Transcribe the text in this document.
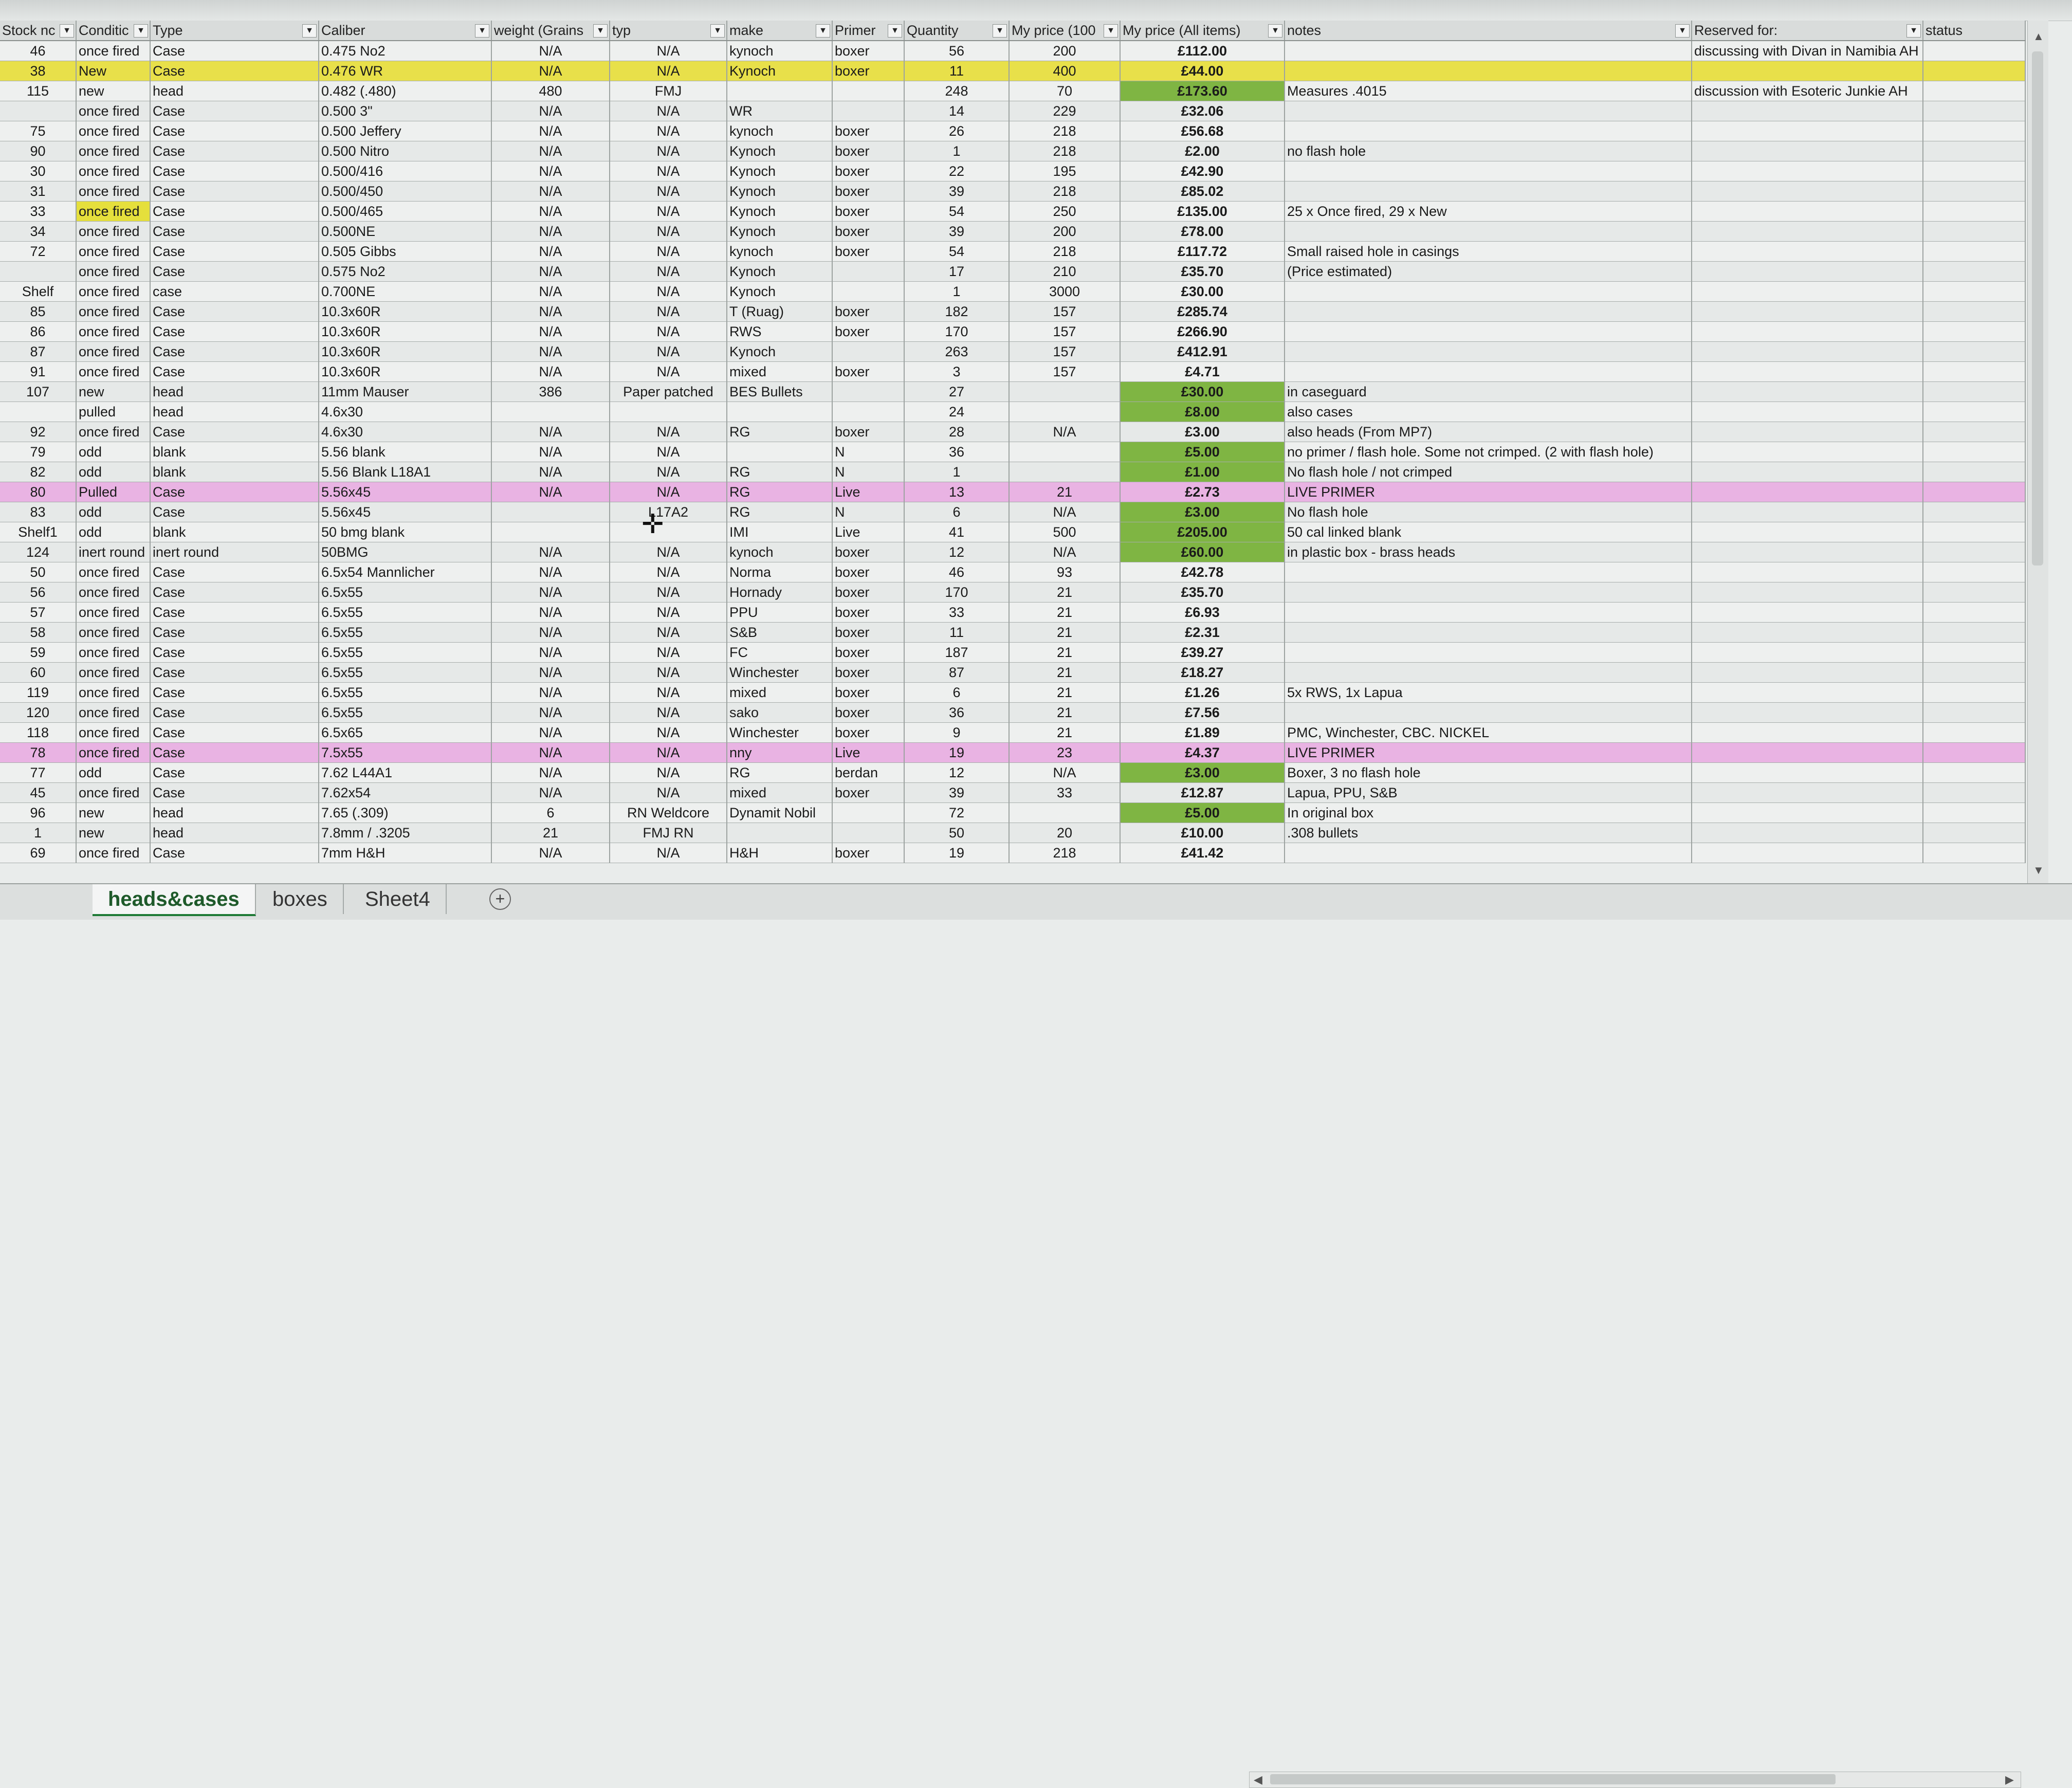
Stock nc ▼	Conditic ▼	Type ▼	Caliber ▼	weight (Grains ▼	typ ▼	make ▼	Primer ▼	Quantity ▼	My price (100 ▼	My price (All items) ▼	notes ▼	Reserved for: ▼	status
46	once fired	Case	0.475 No2	N/A	N/A	kynoch	boxer	56	200	£112.00		discussing with Divan in Namibia AH	
38	New	Case	0.476 WR	N/A	N/A	Kynoch	boxer	11	400	£44.00			
115	new	head	0.482 (.480)	480	FMJ			248	70	£173.60	Measures .4015	discussion with Esoteric Junkie AH	
	once fired	Case	0.500 3"	N/A	N/A	WR		14	229	£32.06			
75	once fired	Case	0.500 Jeffery	N/A	N/A	kynoch	boxer	26	218	£56.68			
90	once fired	Case	0.500 Nitro	N/A	N/A	Kynoch	boxer	1	218	£2.00	no flash hole		
30	once fired	Case	0.500/416	N/A	N/A	Kynoch	boxer	22	195	£42.90			
31	once fired	Case	0.500/450	N/A	N/A	Kynoch	boxer	39	218	£85.02			
33	once fired	Case	0.500/465	N/A	N/A	Kynoch	boxer	54	250	£135.00	25 x Once fired, 29 x New		
34	once fired	Case	0.500NE	N/A	N/A	Kynoch	boxer	39	200	£78.00			
72	once fired	Case	0.505 Gibbs	N/A	N/A	kynoch	boxer	54	218	£117.72	Small raised hole in casings		
	once fired	Case	0.575 No2	N/A	N/A	Kynoch		17	210	£35.70	(Price estimated)		
Shelf	once fired	case	0.700NE	N/A	N/A	Kynoch		1	3000	£30.00			
85	once fired	Case	10.3x60R	N/A	N/A	T (Ruag)	boxer	182	157	£285.74			
86	once fired	Case	10.3x60R	N/A	N/A	RWS	boxer	170	157	£266.90			
87	once fired	Case	10.3x60R	N/A	N/A	Kynoch		263	157	£412.91			
91	once fired	Case	10.3x60R	N/A	N/A	mixed	boxer	3	157	£4.71			
107	new	head	11mm Mauser	386	Paper patched	BES Bullets		27		£30.00	in caseguard		
	pulled	head	4.6x30					24		£8.00	also cases		
92	once fired	Case	4.6x30	N/A	N/A	RG	boxer	28	N/A	£3.00	also heads (From MP7)		
79	odd	blank	5.56 blank	N/A	N/A		N	36		£5.00	no primer / flash hole. Some not crimped. (2 with flash hole)		
82	odd	blank	5.56 Blank L18A1	N/A	N/A	RG	N	1		£1.00	No flash hole / not crimped		
80	Pulled	Case	5.56x45	N/A	N/A	RG	Live	13	21	£2.73	LIVE PRIMER		
83	odd	Case	5.56x45		L17A2	RG	N	6	N/A	£3.00	No flash hole		
Shelf1	odd	blank	50 bmg blank			IMI	Live	41	500	£205.00	50 cal linked blank		
124	inert round	inert round	50BMG	N/A	N/A	kynoch	boxer	12	N/A	£60.00	in plastic box - brass heads		
50	once fired	Case	6.5x54 Mannlicher	N/A	N/A	Norma	boxer	46	93	£42.78			
56	once fired	Case	6.5x55	N/A	N/A	Hornady	boxer	170	21	£35.70			
57	once fired	Case	6.5x55	N/A	N/A	PPU	boxer	33	21	£6.93			
58	once fired	Case	6.5x55	N/A	N/A	S&B	boxer	11	21	£2.31			
59	once fired	Case	6.5x55	N/A	N/A	FC	boxer	187	21	£39.27			
60	once fired	Case	6.5x55	N/A	N/A	Winchester	boxer	87	21	£18.27			
119	once fired	Case	6.5x55	N/A	N/A	mixed	boxer	6	21	£1.26	5x RWS, 1x Lapua		
120	once fired	Case	6.5x55	N/A	N/A	sako	boxer	36	21	£7.56			
118	once fired	Case	6.5x65	N/A	N/A	Winchester	boxer	9	21	£1.89	PMC, Winchester, CBC. NICKEL		
78	once fired	Case	7.5x55	N/A	N/A	nny	Live	19	23	£4.37	LIVE PRIMER		
77	odd	Case	7.62 L44A1	N/A	N/A	RG	berdan	12	N/A	£3.00	Boxer, 3 no flash hole		
45	once fired	Case	7.62x54	N/A	N/A	mixed	boxer	39	33	£12.87	Lapua, PPU, S&B		
96	new	head	7.65 (.309)	6	RN Weldcore	Dynamit Nobil		72		£5.00	In original box		
1	new	head	7.8mm / .3205	21	FMJ RN			50	20	£10.00	.308 bullets		
69	once fired	Case	7mm H&H	N/A	N/A	H&H	boxer	19	218	£41.42			
✛
▲
▼
heads&cases	boxes	Sheet4	+
◀	▶
